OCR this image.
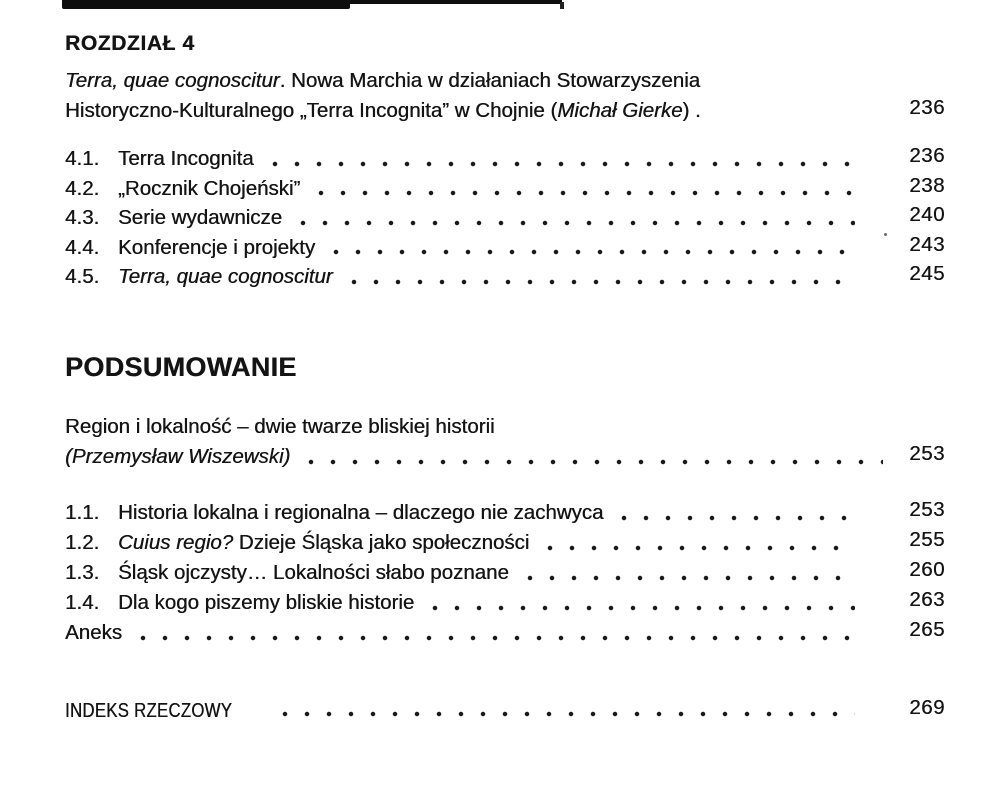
ROZDZIAŁ 4
Terra, quae cognoscitur. Nowa Marchia w działaniach Stowarzyszenia
Historyczno-Kulturalnego „Terra Incognita” w Chojnie (Michał Gierke) .	236
4.1. Terra Incognita	236
4.2. „Rocznik Chojeński”	238
4.3. Serie wydawnicze	240
4.4. Konferencje i projekty	243
4.5. Terra, quae cognoscitur	245
PODSUMOWANIE
Region i lokalność – dwie twarze bliskiej historii
(Przemysław Wiszewski)	253
1.1. Historia lokalna i regionalna – dlaczego nie zachwyca	253
1.2. Cuius regio? Dzieje Śląska jako społeczności	255
1.3. Śląsk ojczysty… Lokalności słabo poznane	260
1.4. Dla kogo piszemy bliskie historie	263
Aneks	265
INDEKS RZECZOWY	269
